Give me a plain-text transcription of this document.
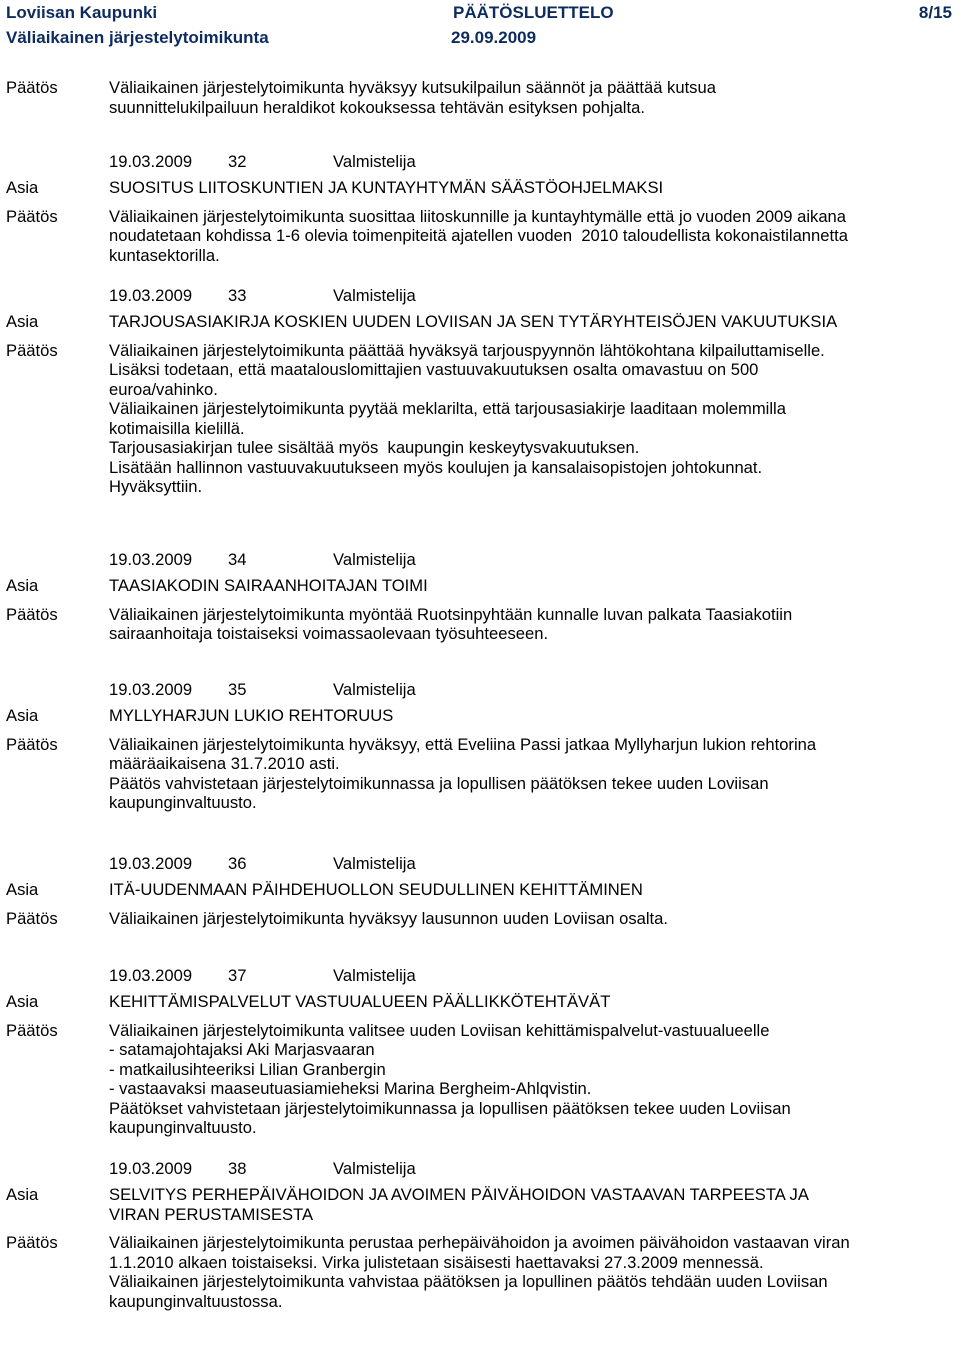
Loviisan Kaupunki	PÄÄTÖSLUETTELO	8/15
Väliaikainen järjestelytoimikunta	29.09.2009
Päätös	Väliaikainen järjestelytoimikunta hyväksyy kutsukilpailun säännöt ja päättää kutsua
suunnittelukilpailuun heraldikot kokouksessa tehtävän esityksen pohjalta.
19.03.2009 32	Valmistelija
Asia	SUOSITUS LIITOSKUNTIEN JA KUNTAYHTYMÄN SÄÄSTÖOHJELMAKSI
Päätös	Väliaikainen järjestelytoimikunta suosittaa liitoskunnille ja kuntayhtymälle että jo vuoden 2009 aikana
noudatetaan kohdissa 1-6 olevia toimenpiteitä ajatellen vuoden  2010 taloudellista kokonaistilannetta
kuntasektorilla.
19.03.2009 33	Valmistelija
Asia	TARJOUSASIAKIRJA KOSKIEN UUDEN LOVIISAN JA SEN TYTÄRYHTEISÖJEN VAKUUTUKSIA
Päätös	Väliaikainen järjestelytoimikunta päättää hyväksyä tarjouspyynnön lähtökohtana kilpailuttamiselle.
Lisäksi todetaan, että maatalouslomittajien vastuuvakuutuksen osalta omavastuu on 500
euroa/vahinko.
Väliaikainen järjestelytoimikunta pyytää meklarilta, että tarjousasiakirje laaditaan molemmilla
kotimaisilla kielillä.
Tarjousasiakirjan tulee sisältää myös  kaupungin keskeytysvakuutuksen.
Lisätään hallinnon vastuuvakuutukseen myös koulujen ja kansalaisopistojen johtokunnat.
Hyväksyttiin.
19.03.2009 34	Valmistelija
Asia	TAASIAKODIN SAIRAANHOITAJAN TOIMI
Päätös	Väliaikainen järjestelytoimikunta myöntää Ruotsinpyhtään kunnalle luvan palkata Taasiakotiin
sairaanhoitaja toistaiseksi voimassaolevaan työsuhteeseen.
19.03.2009 35	Valmistelija
Asia	MYLLYHARJUN LUKIO REHTORUUS
Päätös	Väliaikainen järjestelytoimikunta hyväksyy, että Eveliina Passi jatkaa Myllyharjun lukion rehtorina
määräaikaisena 31.7.2010 asti.
Päätös vahvistetaan järjestelytoimikunnassa ja lopullisen päätöksen tekee uuden Loviisan
kaupunginvaltuusto.
19.03.2009 36	Valmistelija
Asia	ITÄ-UUDENMAAN PÄIHDEHUOLLON SEUDULLINEN KEHITTÄMINEN
Päätös	Väliaikainen järjestelytoimikunta hyväksyy lausunnon uuden Loviisan osalta.
19.03.2009 37	Valmistelija
Asia	KEHITTÄMISPALVELUT VASTUUALUEEN PÄÄLLIKKÖTEHTÄVÄT
Päätös	Väliaikainen järjestelytoimikunta valitsee uuden Loviisan kehittämispalvelut-vastuualueelle
- satamajohtajaksi Aki Marjasvaaran
- matkailusihteeriksi Lilian Granbergin
- vastaavaksi maaseutuasiamieheksi Marina Bergheim-Ahlqvistin.
Päätökset vahvistetaan järjestelytoimikunnassa ja lopullisen päätöksen tekee uuden Loviisan
kaupunginvaltuusto.
19.03.2009 38	Valmistelija
Asia	SELVITYS PERHEPÄIVÄHOIDON JA AVOIMEN PÄIVÄHOIDON VASTAAVAN TARPEESTA JA
VIRAN PERUSTAMISESTA
Päätös	Väliaikainen järjestelytoimikunta perustaa perhepäivähoidon ja avoimen päivähoidon vastaavan viran
1.1.2010 alkaen toistaiseksi. Virka julistetaan sisäisesti haettavaksi 27.3.2009 mennessä.
Väliaikainen järjestelytoimikunta vahvistaa päätöksen ja lopullinen päätös tehdään uuden Loviisan
kaupunginvaltuustossa.
